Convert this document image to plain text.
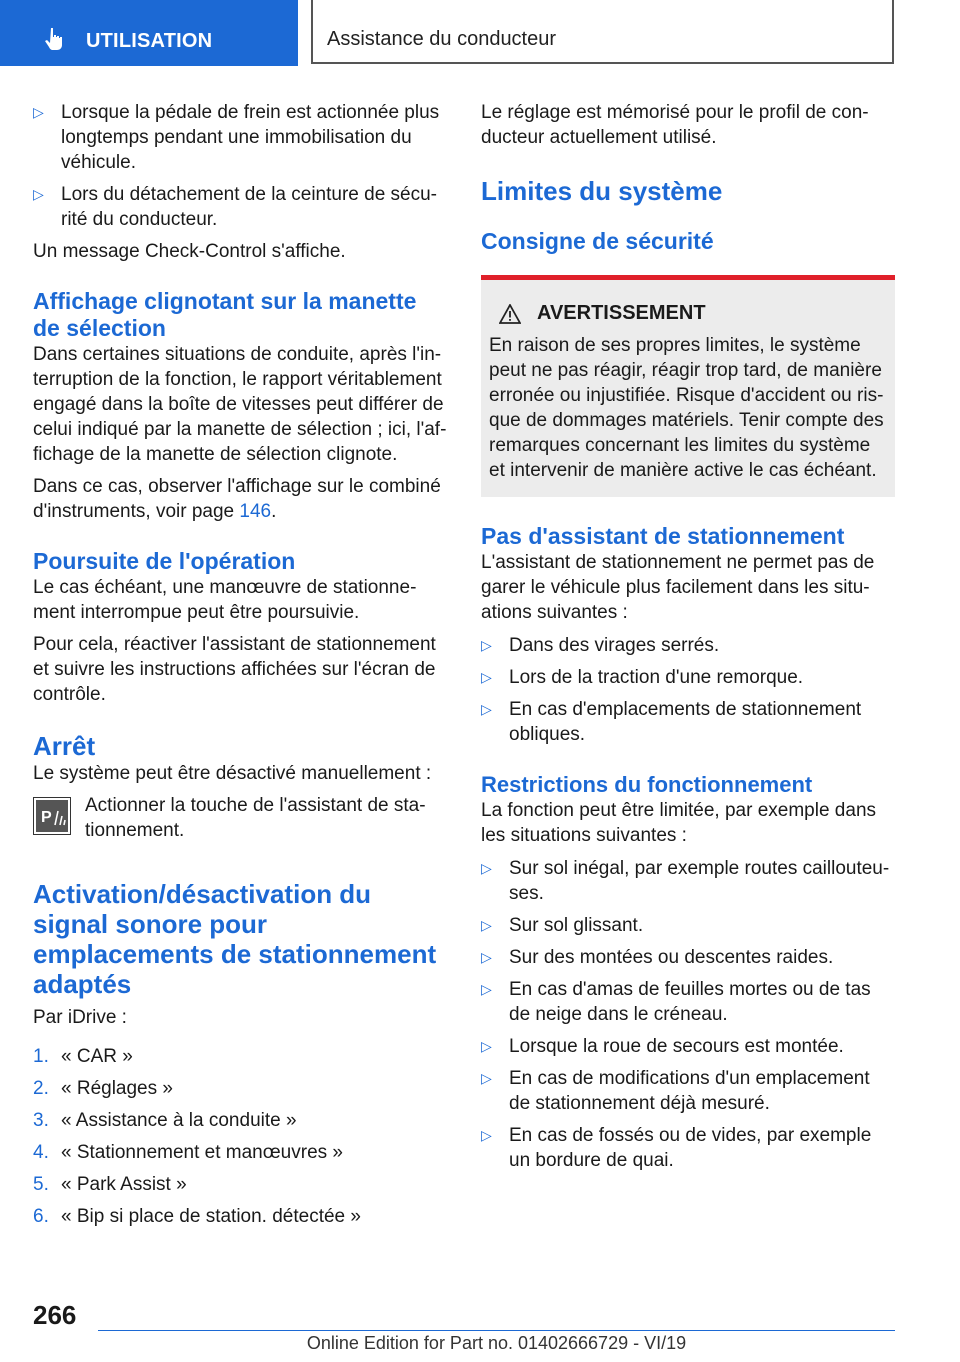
UTILISATION	Assistance du conducteur
▷ Lorsque la pédale de frein est actionnée plus longtemps pendant une immobilisation du véhicule.
▷ Lors du détachement de la ceinture de sécu-rité du conducteur.

Un message Check-Control s'affiche.

Affichage clignotant sur la manette de sélection

Dans certaines situations de conduite, après l'in-terruption de la fonction, le rapport véritablement engagé dans la boîte de vitesses peut différer de celui indiqué par la manette de sélection ; ici, l'af-fichage de la manette de sélection clignote.

Dans ce cas, observer l'affichage sur le combiné d'instruments, voir page 146.

Poursuite de l'opération

Le cas échéant, une manœuvre de stationne-ment interrompue peut être poursuivie.

Pour cela, réactiver l'assistant de stationnement et suivre les instructions affichées sur l'écran de contrôle.

Arrêt

Le système peut être désactivé manuellement :

P

Actionner la touche de l'assistant de sta-tionnement.

Activation/désactivation du signal sonore pour emplacements de stationnement adaptés

Par iDrive :

1. « CAR »
2. « Réglages »
3. « Assistance à la conduite »
4. « Stationnement et manœuvres »
5. « Park Assist »
6. « Bip si place de station. détectée »

Le réglage est mémorisé pour le profil de con-ducteur actuellement utilisé.

Limites du système
Consigne de sécurité
AVERTISSEMENT

En raison de ses propres limites, le système peut ne pas réagir, réagir trop tard, de manière erronée ou injustifiée. Risque d'accident ou ris-que de dommages matériels. Tenir compte des remarques concernant les limites du système et intervenir de manière active le cas échéant.

Pas d'assistant de stationnement

L'assistant de stationnement ne permet pas de garer le véhicule plus facilement dans les situ-ations suivantes :

▷ Dans des virages serrés.
▷ Lors de la traction d'une remorque.
▷ En cas d'emplacements de stationnement obliques.
Restrictions du fonctionnement

La fonction peut être limitée, par exemple dans les situations suivantes :

▷ Sur sol inégal, par exemple routes caillouteu-ses.
▷ Sur sol glissant.
▷ Sur des montées ou descentes raides.
▷ En cas d'amas de feuilles mortes ou de tas de neige dans le créneau.
▷ Lorsque la roue de secours est montée.
▷ En cas de modifications d'un emplacement de stationnement déjà mesuré.
▷ En cas de fossés ou de vides, par exemple un bordure de quai.
266
Online Edition for Part no. 01402666729 - VI/19
